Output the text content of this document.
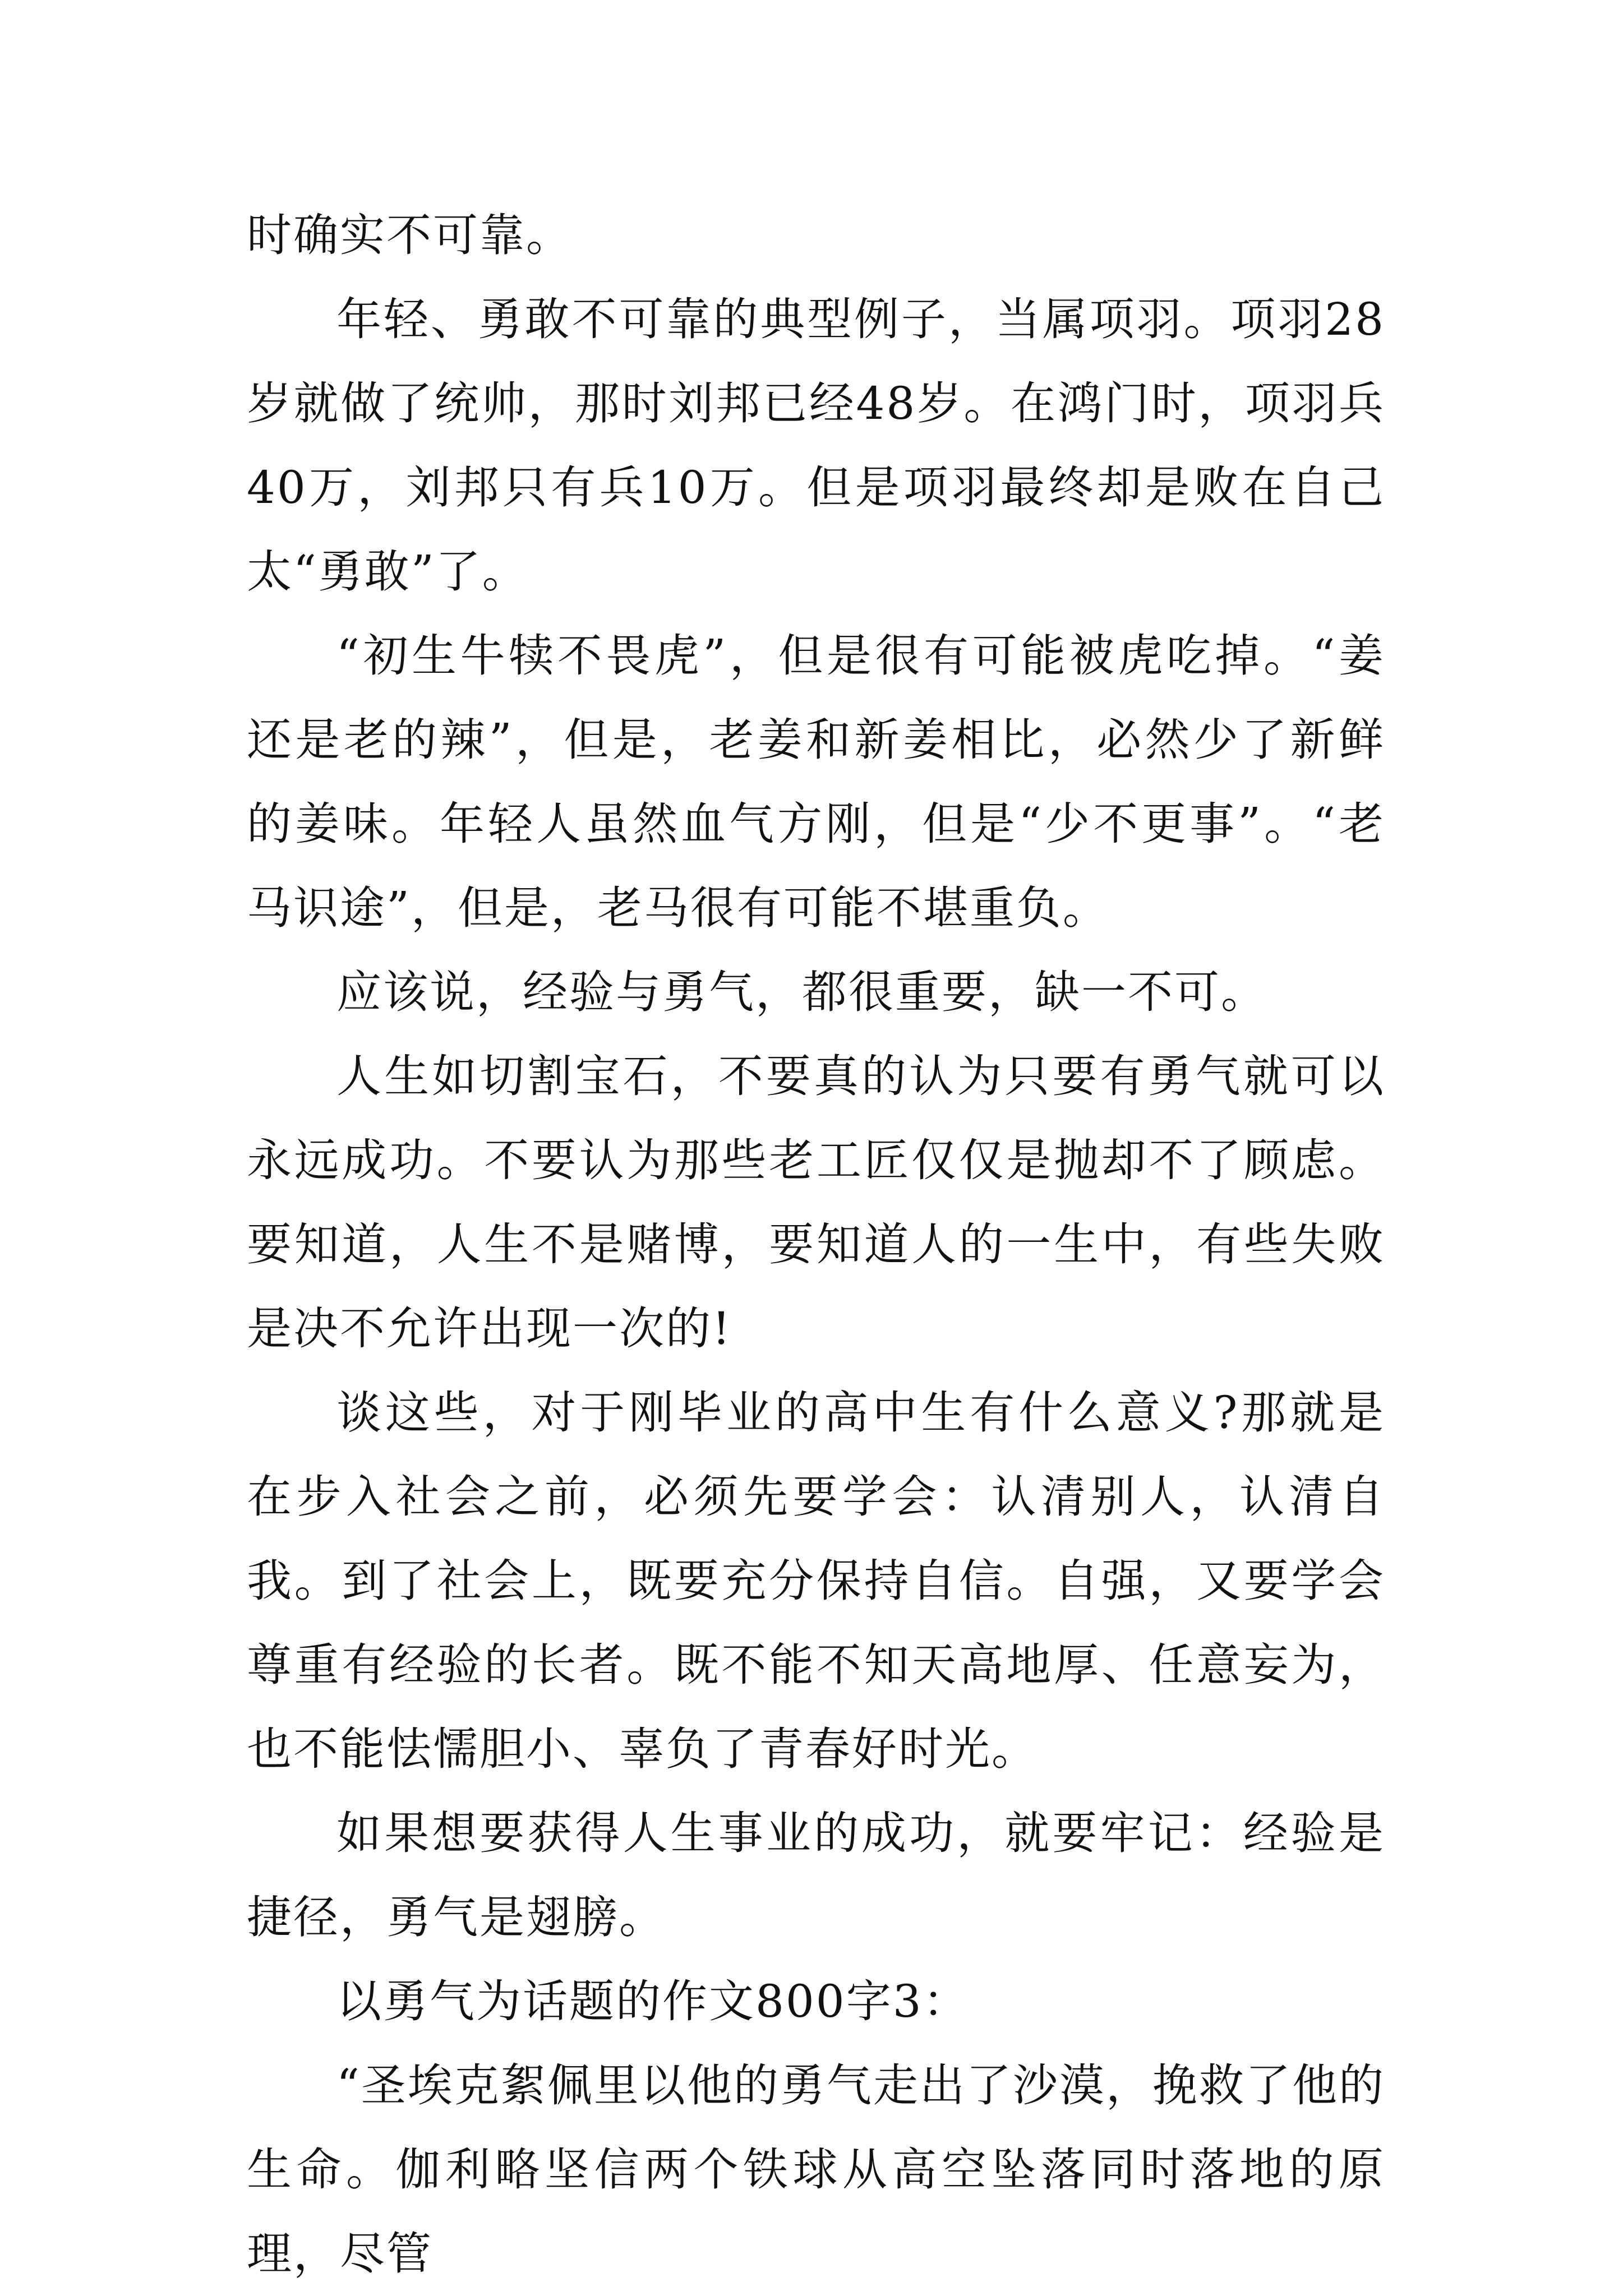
时确实不可靠。

年轻、勇敢不可靠的典型例子，当属项羽。项羽28岁就做了统帅，那时刘邦已经48岁。在鸿门时，项羽兵40万，刘邦只有兵10万。但是项羽最终却是败在自己太“勇敢”了。

“初生牛犊不畏虎”，但是很有可能被虎吃掉。“姜还是老的辣”，但是，老姜和新姜相比，必然少了新鲜的姜味。年轻人虽然血气方刚，但是“少不更事”。“老马识途”，但是，老马很有可能不堪重负。

应该说，经验与勇气，都很重要，缺一不可。

人生如切割宝石，不要真的认为只要有勇气就可以永远成功。不要认为那些老工匠仅仅是抛却不了顾虑。要知道，人生不是赌博，要知道人的一生中，有些失败是决不允许出现一次的!

谈这些，对于刚毕业的高中生有什么意义?那就是在步入社会之前，必须先要学会：认清别人，认清自我。到了社会上，既要充分保持自信。自强，又要学会尊重有经验的长者。既不能不知天高地厚、任意妄为，也不能怯懦胆小、辜负了青春好时光。

如果想要获得人生事业的成功，就要牢记：经验是捷径，勇气是翅膀。

以勇气为话题的作文800字3：

“圣埃克絮佩里以他的勇气走出了沙漠，挽救了他的生命。伽利略坚信两个铁球从高空坠落同时落地的原理，尽管
